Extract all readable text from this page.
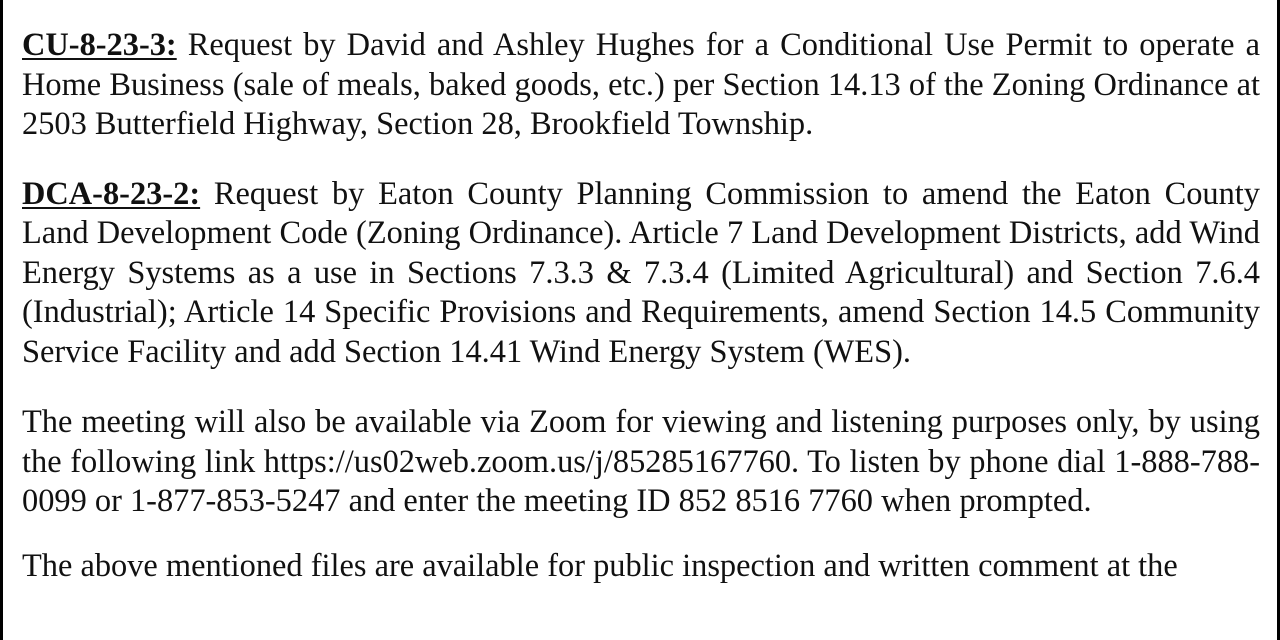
CU-8-23-3: Request by David and Ashley Hughes for a Conditional Use Permit to operate a Home Business (sale of meals, baked goods, etc.) per Section 14.13 of the Zoning Ordinance at 2503 Butterfield Highway, Section 28, Brookfield Township.

DCA-8-23-2: Request by Eaton County Planning Commission to amend the Eaton County Land Development Code (Zoning Ordinance). Article 7 Land Development Districts, add Wind Energy Systems as a use in Sections 7.3.3 & 7.3.4 (Limited Agricultural) and Section 7.6.4 (Industrial); Article 14 Specific Provisions and Requirements, amend Section 14.5 Community Service Facility and add Section 14.41 Wind Energy System (WES).

The meeting will also be available via Zoom for viewing and listening purposes only, by using the following link https://us02web.zoom.us/j/85285167760. To listen by phone dial 1-888-788-0099 or 1-877-853-5247 and enter the meeting ID 852 8516 7760 when prompted.

The above mentioned files are available for public inspection and written comment at the
